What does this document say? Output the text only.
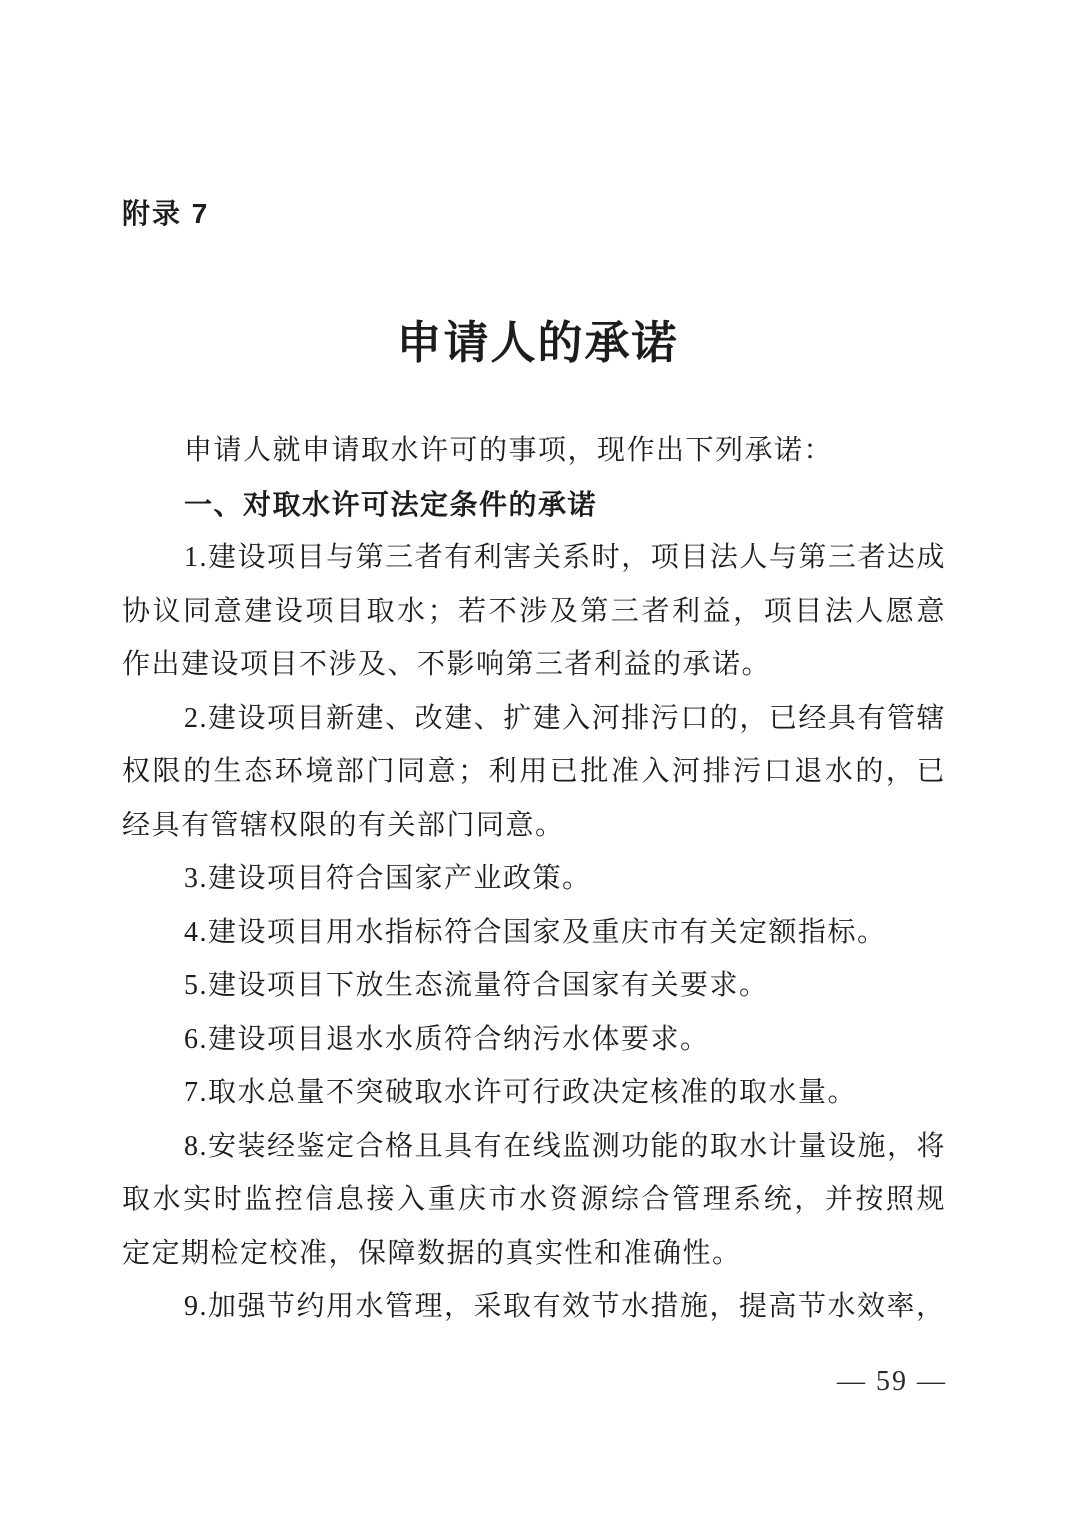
附录 7
申请人的承诺

申请人就申请取水许可的事项，现作出下列承诺：

一、对取水许可法定条件的承诺

1.建设项目与第三者有利害关系时，项目法人与第三者达成协议同意建设项目取水；若不涉及第三者利益，项目法人愿意作出建设项目不涉及、不影响第三者利益的承诺。

2.建设项目新建、改建、扩建入河排污口的，已经具有管辖权限的生态环境部门同意；利用已批准入河排污口退水的，已经具有管辖权限的有关部门同意。

3.建设项目符合国家产业政策。

4.建设项目用水指标符合国家及重庆市有关定额指标。

5.建设项目下放生态流量符合国家有关要求。

6.建设项目退水水质符合纳污水体要求。

7.取水总量不突破取水许可行政决定核准的取水量。

8.安装经鉴定合格且具有在线监测功能的取水计量设施，将取水实时监控信息接入重庆市水资源综合管理系统，并按照规定定期检定校准，保障数据的真实性和准确性。

9.加强节约用水管理，采取有效节水措施，提高节水效率，

— 59 —
